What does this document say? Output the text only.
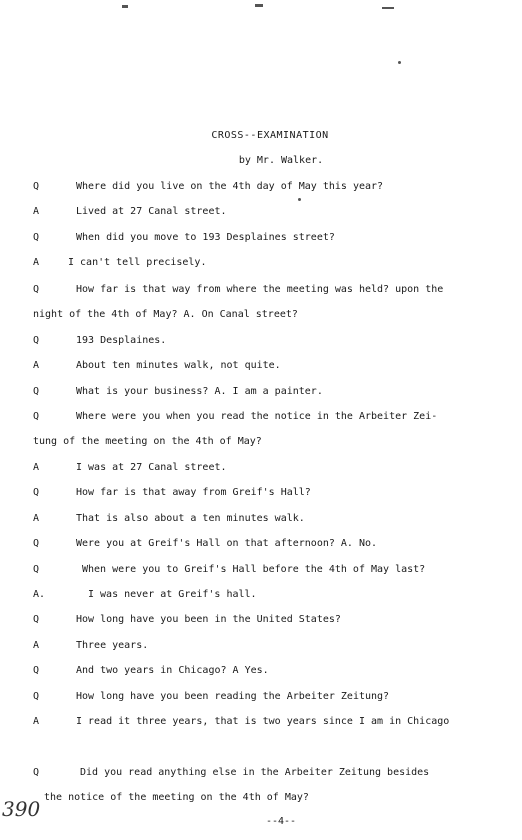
CROSS--EXAMINATION
by Mr. Walker.
Q	Where did you live on the 4th day of May this year?
A	Lived at 27 Canal street.
Q	When did you move to 193 Desplaines street?
A	I can't tell precisely.
Q	How far is that way from where the meeting was held? upon the
night of the 4th of May? A. On Canal street?
Q	193 Desplaines.
A	About ten minutes walk, not quite.
Q	What is your business? A. I am a painter.
Q	Where were you when you read the notice in the Arbeiter Zei-
tung of the meeting on the 4th of May?
A	I was at 27 Canal street.
Q	How far is that away from Greif's Hall?
A	That is also about a ten minutes walk.
Q	Were you at Greif's Hall on that afternoon? A. No.
Q	When were you to Greif's Hall before the 4th of May last?
A.	I was never at Greif's hall.
Q	How long have you been in the United States?
A	Three years.
Q	And two years in Chicago? A Yes.
Q	How long have you been reading the Arbeiter Zeitung?
A	I read it three years, that is two years since I am in Chicago
Q	Did you read anything else in the Arbeiter Zeitung besides
the notice of the meeting on the 4th of May?
390
--4--
